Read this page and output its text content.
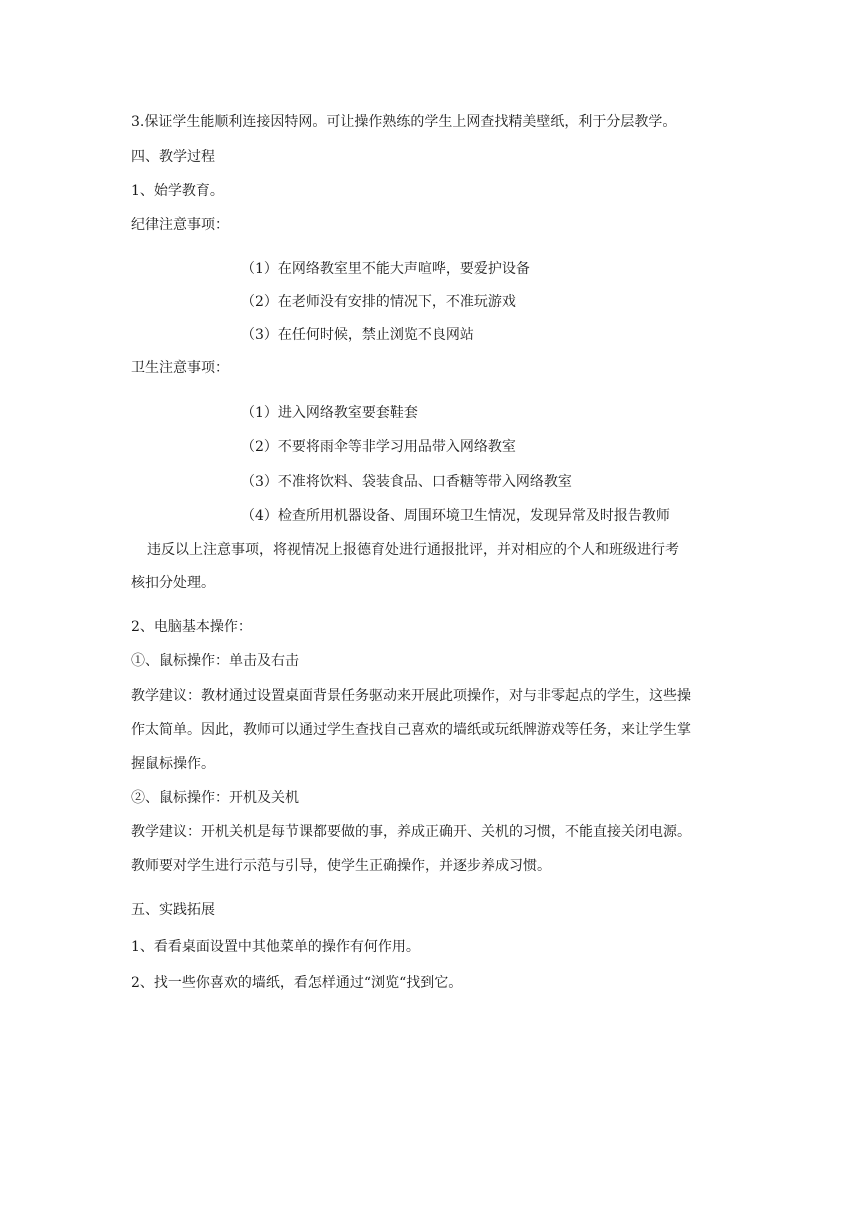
3.保证学生能顺利连接因特网。可让操作熟练的学生上网查找精美壁纸，利于分层教学。
四、教学过程
1、始学教育。
纪律注意事项：
（1）在网络教室里不能大声喧哗，要爱护设备
（2）在老师没有安排的情况下，不准玩游戏
（3）在任何时候，禁止浏览不良网站
卫生注意事项：
（1）进入网络教室要套鞋套
（2）不要将雨伞等非学习用品带入网络教室
（3）不准将饮料、袋装食品、口香糖等带入网络教室
（4）检查所用机器设备、周围环境卫生情况，发现异常及时报告教师
违反以上注意事项，将视情况上报德育处进行通报批评，并对相应的个人和班级进行考
核扣分处理。
2、电脑基本操作：
①、鼠标操作：单击及右击
教学建议：教材通过设置桌面背景任务驱动来开展此项操作，对与非零起点的学生，这些操
作太简单。因此，教师可以通过学生查找自己喜欢的墙纸或玩纸牌游戏等任务，来让学生掌
握鼠标操作。
②、鼠标操作：开机及关机
教学建议：开机关机是每节课都要做的事，养成正确开、关机的习惯，不能直接关闭电源。
教师要对学生进行示范与引导，使学生正确操作，并逐步养成习惯。
五、实践拓展
1、看看桌面设置中其他菜单的操作有何作用。
2、找一些你喜欢的墙纸，看怎样通过“浏览“找到它。
